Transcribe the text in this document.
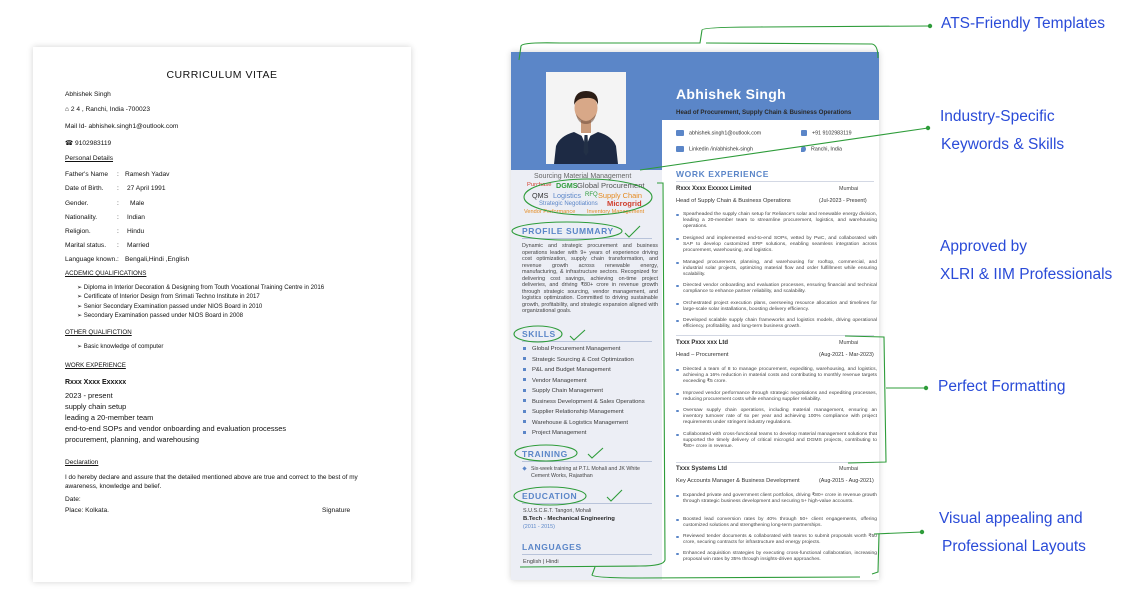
CURRICULUM VITAE
Abhishek Singh
⌂ 2 4 , Ranchi, India -700023
Mail Id- abhishek.singh1@outlook.com
☎ 9102983119
Personal Details
Father's Name : Ramesh Yadav
Date of Birth. : 27 April 1991
Gender.	: Male
Nationality.	: Indian
Religion.	: Hindu
Marital status. : Married
Language known. : Bengali,Hindi ,English
ACDEMIC QUALIFICATIONS
➢ Diploma in Interior Decoration & Designing from Touth Vocational Training Centre in 2016
➢ Certificate of Interior Design from Srimati Techno Institute in 2017
➢ Senior Secondary Examination passed under NIOS Board in 2010
➢ Secondary Examination passed under NIOS Board in 2008
OTHER QUALIFICTION
➢ Basic knowledge of computer
WORK EXPERIENCE
Rxxx Xxxx Exxxxx
2023 - present
supply chain setup
leading a 20-member team
end-to-end SOPs and vendor onboarding and evaluation processes
procurement, planning, and warehousing
Declaration
I do hereby declare and assure that the detailed mentioned above are true and correct to the best of my awareness, knowledge and belief.
Date:
Place: Kolkata.	Signature
Sourcing Material Management
Purchase DGMS Global Procurement
QMS Logistics RFQ Supply Chain
Strategic Negotiations Microgrid
Vendor Performance Inventory Management
PROFILE SUMMARY
Dynamic and strategic procurement and business operations leader with 9+ years of experience driving cost optimization, supply chain transformation, and revenue growth across renewable energy, manufacturing, & infrastructure sectors. Recognized for delivering cost savings, achieving on-time project deliveries, and driving ₹80+ crore in revenue growth through strategic sourcing, vendor management, and logistics optimization. Committed to driving sustainable growth, profitability, and strategic expansion aligned with organizational goals.
SKILLS
Global Procurement Management
Strategic Sourcing & Cost Optimization
P&L and Budget Management
Vendor Management
Supply Chain Management
Business Development & Sales Operations
Supplier Relationship Management
Warehouse & Logistics Management
Project Management
TRAINING
Six-week training at P.T.L Mohali and JK White Cement Works, Rajasthan
EDUCATION
S.U.S.C.E.T. Tangori, Mohali
B.Tech - Mechanical Engineering
(2011 - 2015)
LANGUAGES
English | Hindi
Abhishek Singh
Head of Procurement, Supply Chain & Business Operations
abhishek.singh1@outlook.com	+91 9102983119
Linkedin /in/abhishek-singh	Ranchi, India
WORK EXPERIENCE
Rxxx Xxxx Exxxxx Limited	Mumbai
Head of Supply Chain & Business Operations	(Jul-2023 - Present)
Spearheaded the supply chain setup for Reliance's solar and renewable energy division, leading a 20-member team to streamline procurement, logistics, and warehousing operations.
Designed and implemented end-to-end SOPs, vetted by PwC, and collaborated with SAP to develop customized ERP solutions, enabling seamless integration across procurement, warehousing, and logistics.
Managed procurement, planning, and warehousing for rooftop, commercial, and industrial solar projects, optimizing material flow and order fulfillment while ensuring scalability.
Directed vendor onboarding and evaluation processes, ensuring financial and technical compliance to enhance partner reliability, and scalability.
Orchestrated project execution plans, overseeing resource allocation and timelines for large-scale solar installations, boosting delivery efficiency.
Developed scalable supply chain frameworks and logistics models, driving operational efficiency, profitability, and long-term business growth.
Txxx Pxxx xxx Ltd	Mumbai
Head – Procurement	(Aug-2021 - Mar-2023)
Directed a team of 8 to manage procurement, expediting, warehousing, and logistics, achieving a 16% reduction in material costs and contributing to monthly revenue targets exceeding ₹5 crore.
Improved vendor performance through strategic negotiations and expediting processes, reducing procurement costs while enhancing supplier reliability.
Oversaw supply chain operations, including material management, ensuring an inventory turnover rate of 6x per year and achieving 100% compliance with project requirements under stringent industry regulations.
Collaborated with cross-functional teams to develop material management solutions that supported the timely delivery of critical microgrid and DGMS projects, contributing to ₹80+ crore in revenue.
Txxx Systems Ltd	Mumbai
Key Accounts Manager & Business Development	(Aug-2015 - Aug-2021)
Expanded private and government client portfolios, driving ₹80+ crore in revenue growth through strategic business development and securing 5+ high-value accounts.
Boosted lead conversion rates by 40% through 50+ client engagements, offering customized solutions and strengthening long-term partnerships.
Reviewed tender documents & collaborated with teams to submit proposals worth ₹50 crore, securing contracts for infrastructure and energy projects.
Enhanced acquisition strategies by executing cross-functional collaboration, increasing proposal win rates by 35% through insights-driven approaches.
ATS-Friendly Templates
Industry-Specific
Keywords & Skills
Approved by
XLRI & IIM Professionals
Perfect Formatting
Visual appealing and
Professional Layouts
